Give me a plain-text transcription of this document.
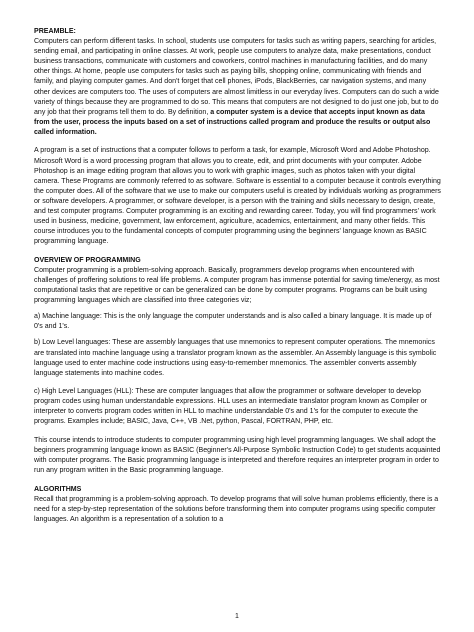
PREAMBLE:

Computers can perform different tasks. In school, students use computers for tasks such as writing papers, searching for articles, sending email, and participating in online classes. At work, people use computers to analyze data, make presentations, conduct business transactions, communicate with customers and coworkers, control machines in manufacturing facilities, and do many other things. At home, people use computers for tasks such as paying bills, shopping online, communicating with friends and family, and playing computer games. And don't forget that cell phones, iPods, BlackBerries, car navigation systems, and many other devices are computers too. The uses of computers are almost limitless in our everyday lives. Computers can do such a wide variety of things because they are programmed to do so. This means that computers are not designed to do just one job, but to do any job that their programs tell them to do. By definition, a computer system is a device that accepts input known as data from the user, process the inputs based on a set of instructions called program and produce the results or output also called information.

A program is a set of instructions that a computer follows to perform a task, for example, Microsoft Word and Adobe Photoshop. Microsoft Word is a word processing program that allows you to create, edit, and print documents with your computer. Adobe Photoshop is an image editing program that allows you to work with graphic images, such as photos taken with your digital camera. These Programs are commonly referred to as software. Software is essential to a computer because it controls everything the computer does. All of the software that we use to make our computers useful is created by individuals working as programmers or software developers. A programmer, or software developer, is a person with the training and skills necessary to design, create, and test computer programs. Computer programming is an exciting and rewarding career. Today, you will find programmers' work used in business, medicine, government, law enforcement, agriculture, academics, entertainment, and many other fields. This course introduces you to the fundamental concepts of computer programming using the beginners' language known as BASIC programming language.

OVERVIEW OF PROGRAMMING

Computer programming is a problem-solving approach. Basically, programmers develop programs when encountered with challenges of proffering solutions to real life problems. A computer program has immense potential for saving time/energy, as most computational tasks that are repetitive or can be generalized can be done by computer programs. Programs can be built using programming languages which are classified into three categories viz;

a) Machine language: This is the only language the computer understands and is also called a binary language. It is made up of 0's and 1's.

b) Low Level languages: These are assembly languages that use mnemonics to represent computer operations. The mnemonics are translated into machine language using a translator program known as the assembler. An Assembly language is this symbolic language used to enter machine code instructions using easy-to-remember mnemonics. The assembler converts assembly language statements into machine codes.

c) High Level Languages (HLL): These are computer languages that allow the programmer or software developer to develop program codes using human understandable expressions. HLL uses an intermediate translator program known as Compiler or interpreter to converts program codes written in HLL to machine understandable 0's and 1's for the computer to execute the programs. Examples include; BASIC, Java, C++, VB .Net, python, Pascal, FORTRAN, PHP, etc.

This course intends to introduce students to computer programming using high level programming languages. We shall adopt the beginners programming language known as BASIC (Beginner's All-Purpose Symbolic Instruction Code) to get students acquainted with computer programs. The Basic programming language is interpreted and therefore requires an interpreter program in order to run any program written in the Basic programming language.

ALGORITHMS

Recall that programming is a problem-solving approach. To develop programs that will solve human problems efficiently, there is a need for a step-by-step representation of the solutions before transforming them into computer programs using specific computer languages. An algorithm is a representation of a solution to a

1
